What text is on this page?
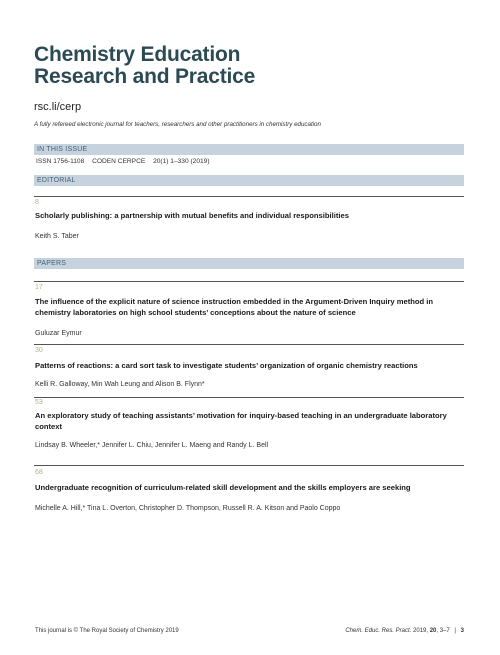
Chemistry Education
Research and Practice
rsc.li/cerp
A fully refereed electronic journal for teachers, researchers and other practitioners in chemistry education
IN THIS ISSUE
ISSN 1756-1108 CODEN CERPCE 20(1) 1–330 (2019)
EDITORIAL
8
Scholarly publishing: a partnership with mutual benefits and individual responsibilities
Keith S. Taber
PAPERS
17
The influence of the explicit nature of science instruction embedded in the Argument-Driven Inquiry method in chemistry laboratories on high school students’ conceptions about the nature of science
Guluzar Eymur
30
Patterns of reactions: a card sort task to investigate students’ organization of organic chemistry reactions
Kelli R. Galloway, Min Wah Leung and Alison B. Flynn*
53
An exploratory study of teaching assistants’ motivation for inquiry-based teaching in an undergraduate laboratory context
Lindsay B. Wheeler,* Jennifer L. Chiu, Jennifer L. Maeng and Randy L. Bell
68
Undergraduate recognition of curriculum-related skill development and the skills employers are seeking
Michelle A. Hill,* Tina L. Overton, Christopher D. Thompson, Russell R. A. Kitson and Paolo Coppo
This journal is © The Royal Society of Chemistry 2019	Chem. Educ. Res. Pract. 2019, 20, 3–7 | 3
